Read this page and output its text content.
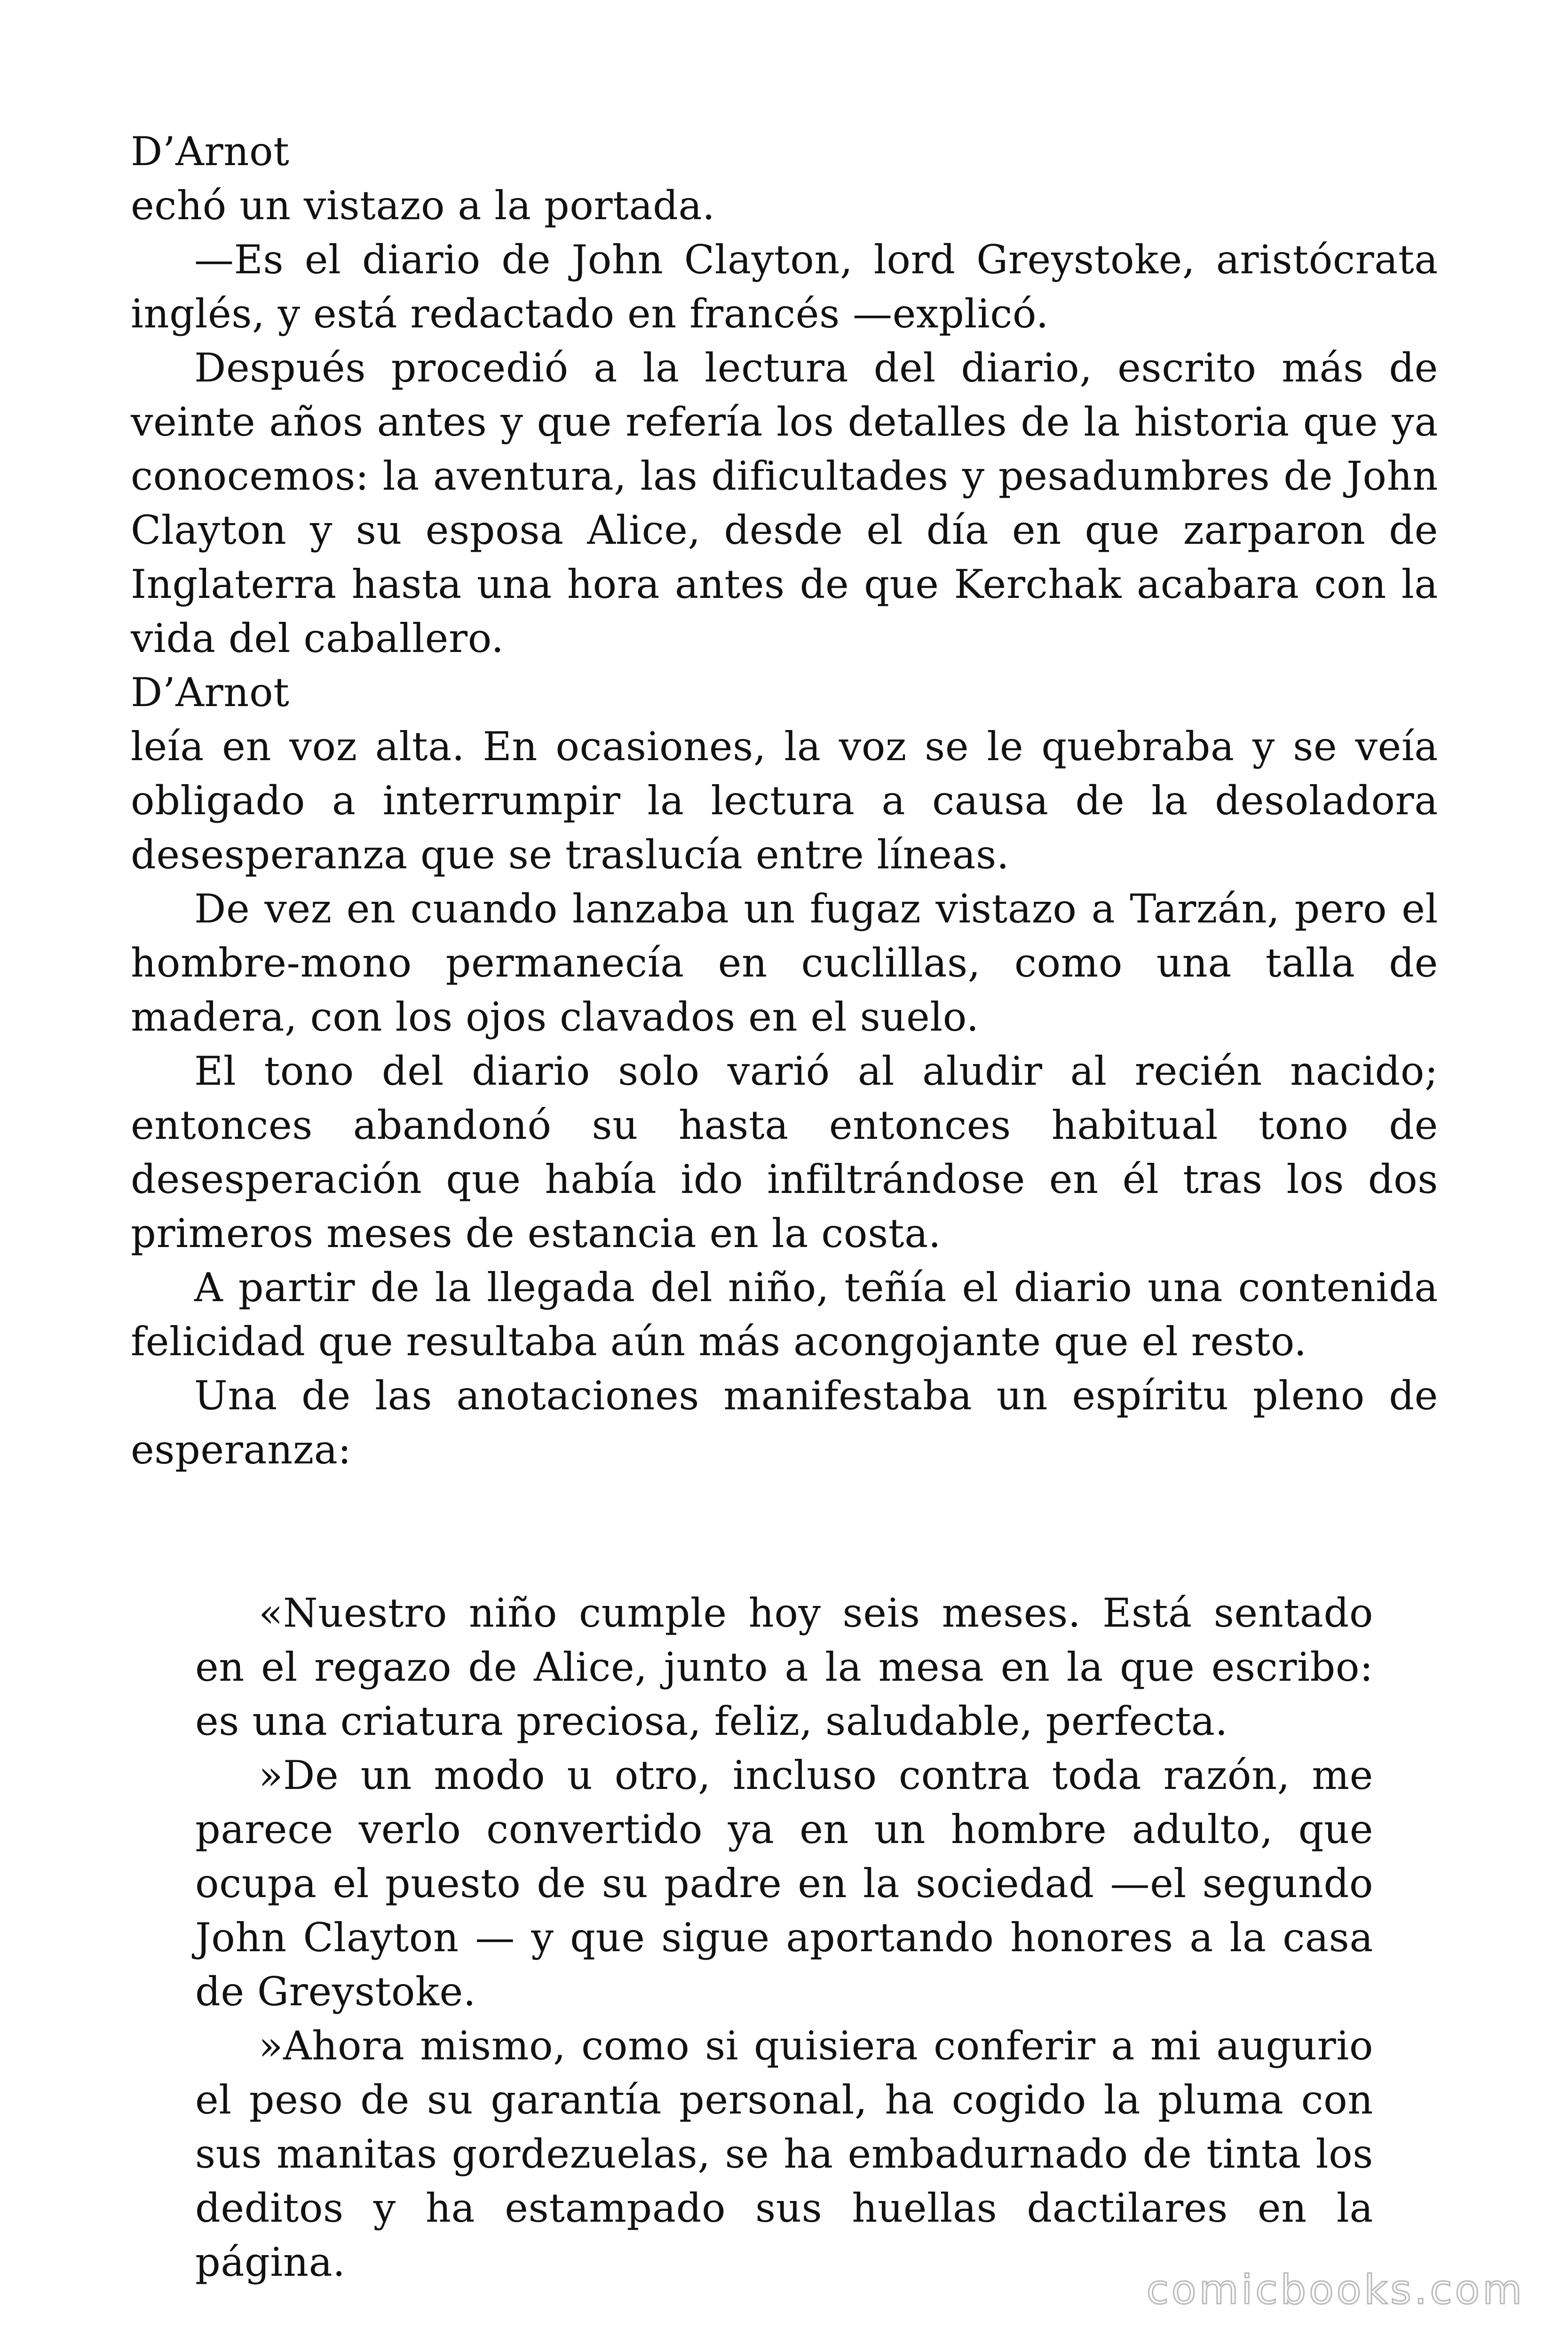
D’Arnot

echó un vistazo a la portada.

—Es el diario de John Clayton, lord Greystoke, aristócrata inglés, y está redactado en francés —explicó.

Después procedió a la lectura del diario, escrito más de veinte años antes y que refería los detalles de la historia que ya conocemos: la aventura, las dificultades y pesadumbres de John Clayton y su esposa Alice, desde el día en que zarparon de Inglaterra hasta una hora antes de que Kerchak acabara con la vida del caballero.

D’Arnot

leía en voz alta. En ocasiones, la voz se le quebraba y se veía obligado a interrumpir la lectura a causa de la desoladora desesperanza que se traslucía entre líneas.

De vez en cuando lanzaba un fugaz vistazo a Tarzán, pero el hombre-mono permanecía en cuclillas, como una talla de madera, con los ojos clavados en el suelo.

El tono del diario solo varió al aludir al recién nacido; entonces abandonó su hasta entonces habitual tono de desesperación que había ido infiltrándose en él tras los dos primeros meses de estancia en la costa.

A partir de la llegada del niño, teñía el diario una contenida felicidad que resultaba aún más acongojante que el resto.

Una de las anotaciones manifestaba un espíritu pleno de esperanza:

«Nuestro niño cumple hoy seis meses. Está sentado en el regazo de Alice, junto a la mesa en la que escribo: es una criatura preciosa, feliz, saludable, perfecta.

»De un modo u otro, incluso contra toda razón, me parece verlo convertido ya en un hombre adulto, que ocupa el puesto de su padre en la sociedad —el segundo John Clayton — y que sigue aportando honores a la casa de Greystoke.

»Ahora mismo, como si quisiera conferir a mi augurio el peso de su garantía personal, ha cogido la pluma con sus manitas gordezuelas, se ha embadurnado de tinta los deditos y ha estampado sus huellas dactilares en la página.

comicbooks.com
